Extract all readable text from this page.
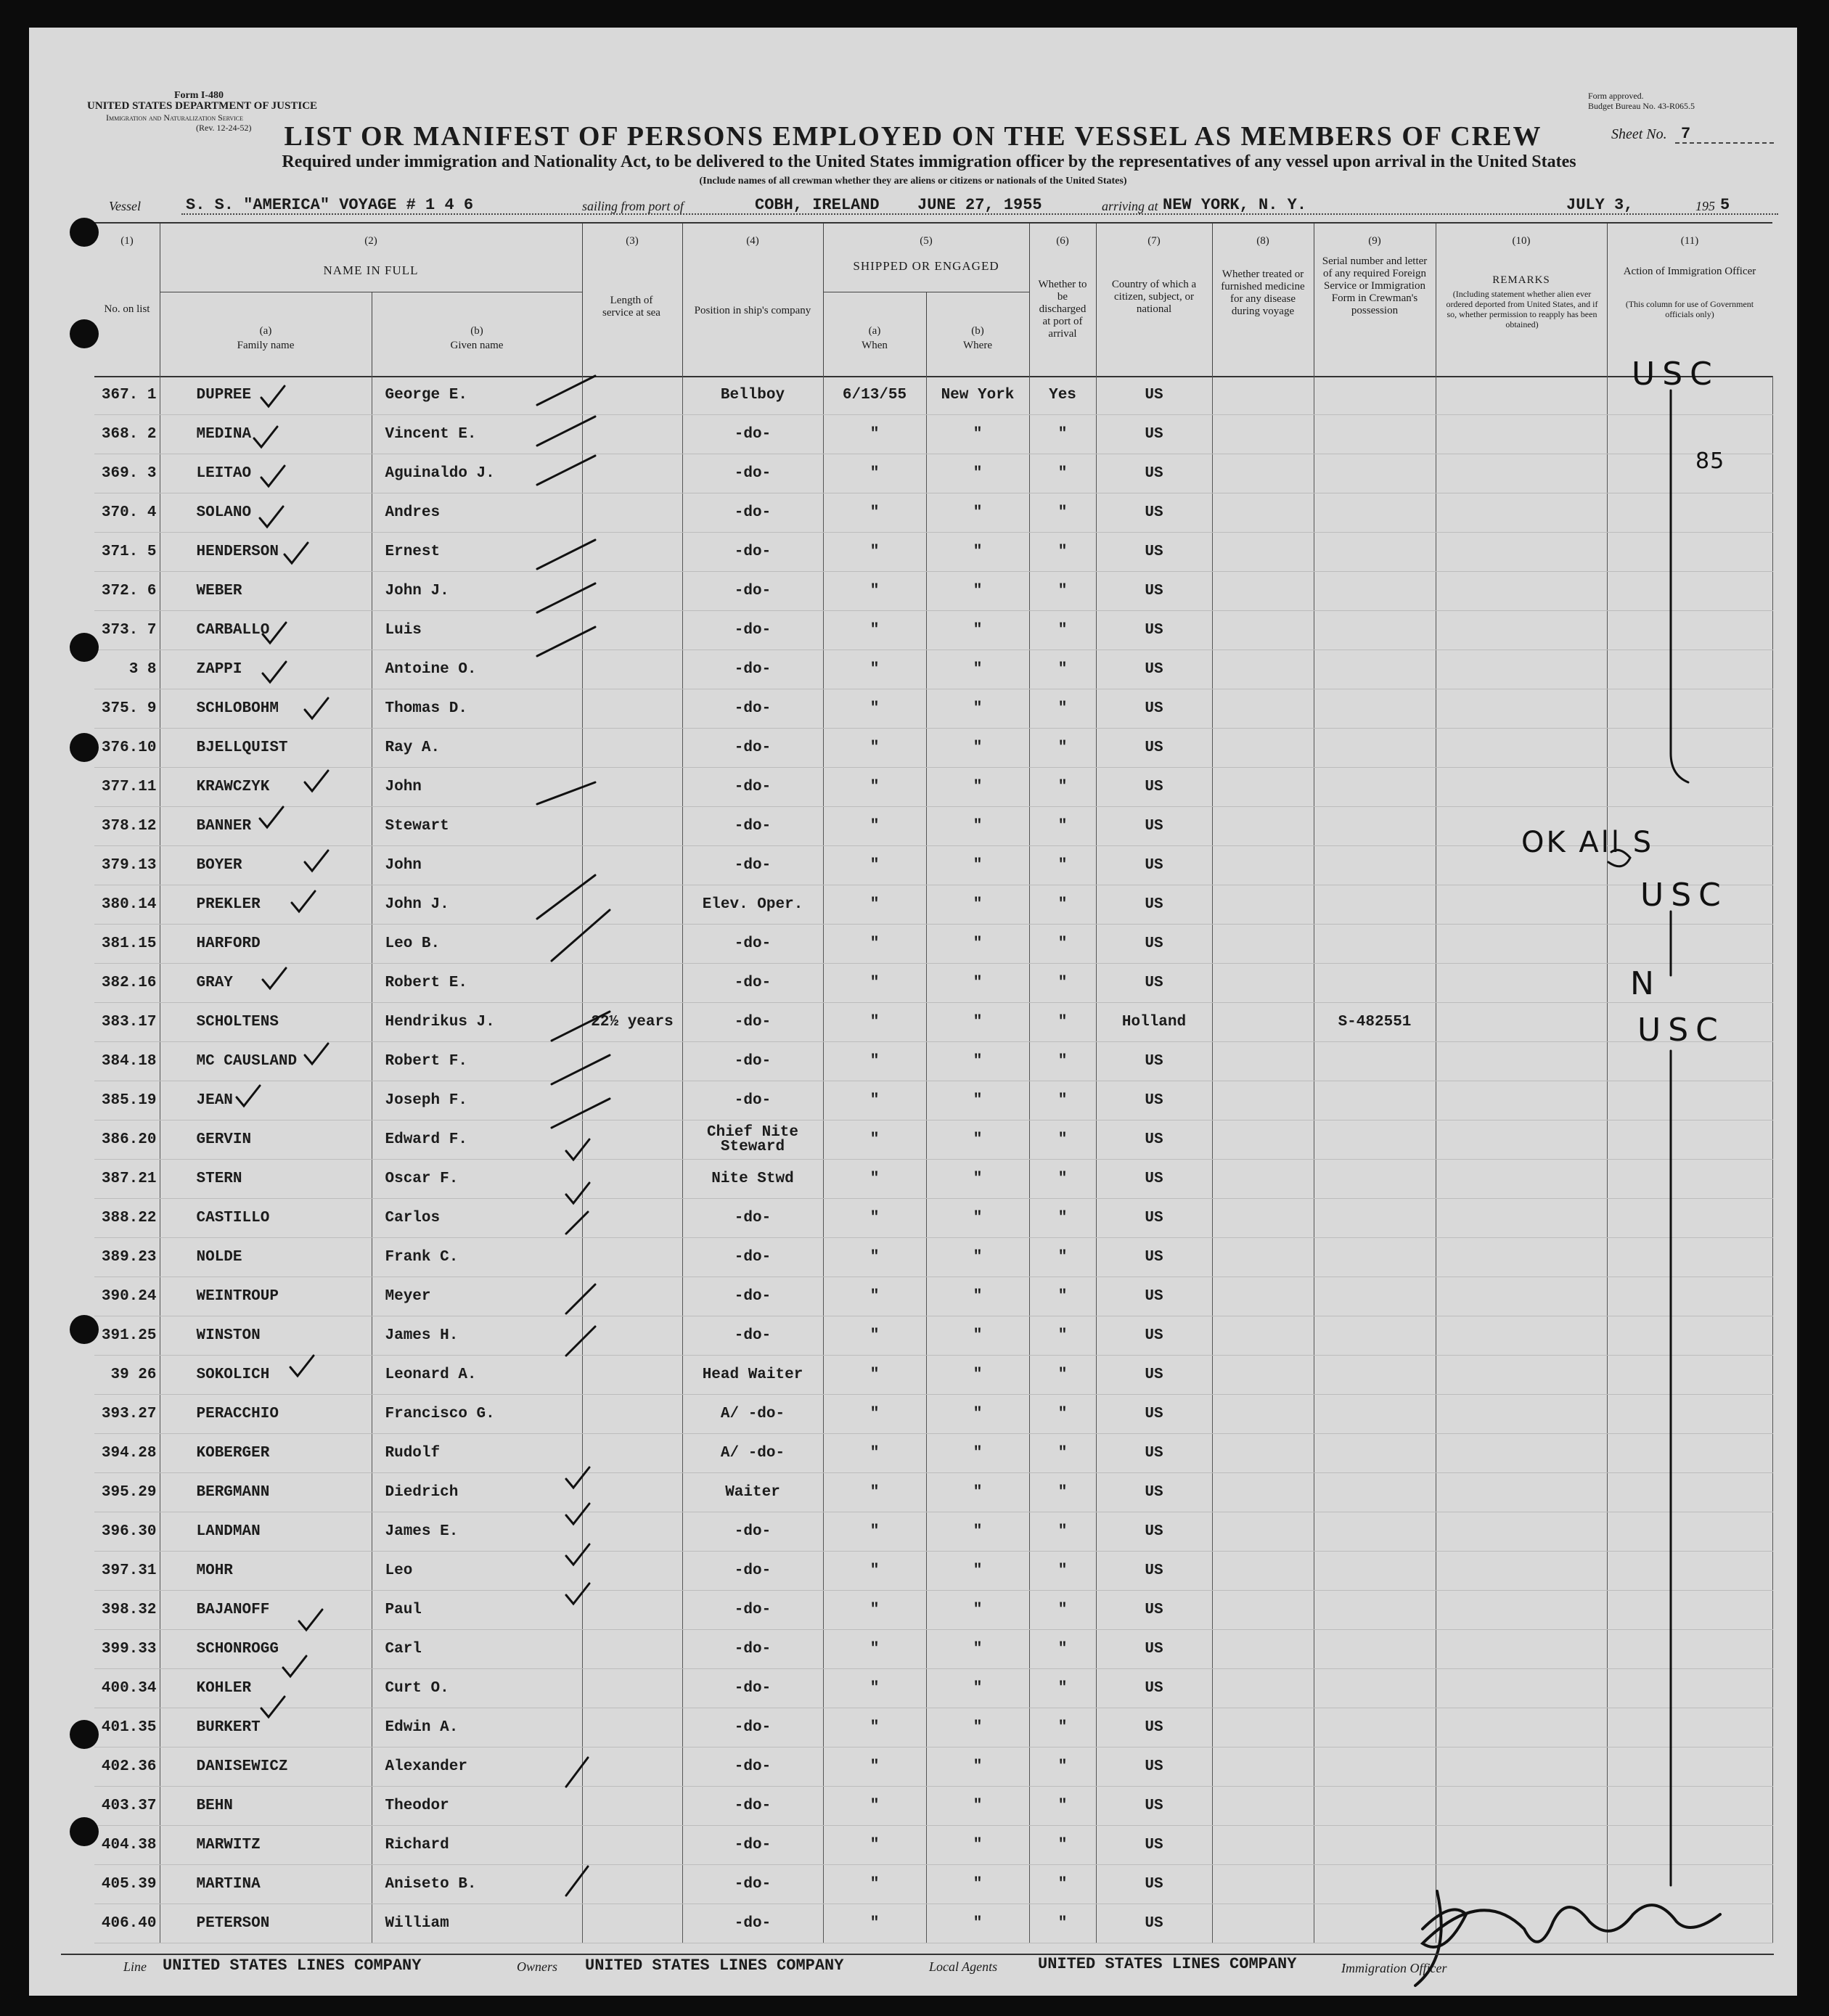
Form I-480
UNITED STATES DEPARTMENT OF JUSTICE
Immigration and Naturalization Service
(Rev. 12-24-52)
Form approved.
Budget Bureau No. 43-R065.5
Sheet No. 7
LIST OR MANIFEST OF PERSONS EMPLOYED ON THE VESSEL AS MEMBERS OF CREW
Required under immigration and Nationality Act, to be delivered to the United States immigration officer by the representatives of any vessel upon arrival in the United States
(Include names of all crewman whether they are aliens or citizens or nationals of the United States)
Vessel	S. S. "AMERICA" VOYAGE # 1 4 6	sailing from port of	COBH, IRELAND JUNE 27, 1955	arriving at NEW YORK, N. Y.	JULY 3,	195 5
(1)
No. on list
(2)
NAME IN FULL
(a)
Family name
(b)
Given name
(3)
Length of service at sea
(4)
Position in ship's company
(5)
SHIPPED OR ENGAGED
(a)
When
(b)
Where
(6)
Whether to be discharged at port of arrival
(7)
Country of which a citizen, subject, or national
(8)
Whether treated or furnished medicine for any disease during voyage
(9)
Serial number and letter of any required Foreign Service or Immigration Form in Crewman's possession
(10)
REMARKS
(Including statement whether alien ever ordered deported from United States, and if so, whether permission to reapply has been obtained)
(11)
Action of Immigration Officer
(This column for use of Government officials only)
367. 1	DUPREE	George E.		Bellboy	6/13/55	New York	Yes	US				
368. 2	MEDINA	Vincent E.		-do-	"	"	"	US				
369. 3	LEITAO	Aguinaldo J.		-do-	"	"	"	US				
370. 4	SOLANO	Andres		-do-	"	"	"	US				
371. 5	HENDERSON	Ernest		-do-	"	"	"	US				
372. 6	WEBER	John J.		-do-	"	"	"	US				
373. 7	CARBALLO	Luis		-do-	"	"	"	US				
3 8	ZAPPI	Antoine O.		-do-	"	"	"	US				
375. 9	SCHLOBOHM	Thomas D.		-do-	"	"	"	US				
376.10	BJELLQUIST	Ray A.		-do-	"	"	"	US				
377.11	KRAWCZYK	John		-do-	"	"	"	US				
378.12	BANNER	Stewart		-do-	"	"	"	US				
379.13	BOYER	John		-do-	"	"	"	US				
380.14	PREKLER	John J.		Elev. Oper.	"	"	"	US				
381.15	HARFORD	Leo B.		-do-	"	"	"	US				
382.16	GRAY	Robert E.		-do-	"	"	"	US				
383.17	SCHOLTENS	Hendrikus J.	22½ years	-do-	"	"	"	Holland		S-482551		
384.18	MC CAUSLAND	Robert F.		-do-	"	"	"	US				
385.19	JEAN	Joseph F.		-do-	"	"	"	US				
386.20	GERVIN	Edward F.		Chief Nite Steward	"	"	"	US				
387.21	STERN	Oscar F.		Nite Stwd	"	"	"	US				
388.22	CASTILLO	Carlos		-do-	"	"	"	US				
389.23	NOLDE	Frank C.		-do-	"	"	"	US				
390.24	WEINTROUP	Meyer		-do-	"	"	"	US				
391.25	WINSTON	James H.		-do-	"	"	"	US				
39 26	SOKOLICH	Leonard A.		Head Waiter	"	"	"	US				
393.27	PERACCHIO	Francisco G.		A/ -do-	"	"	"	US				
394.28	KOBERGER	Rudolf		A/ -do-	"	"	"	US				
395.29	BERGMANN	Diedrich		Waiter	"	"	"	US				
396.30	LANDMAN	James E.		-do-	"	"	"	US				
397.31	MOHR	Leo		-do-	"	"	"	US				
398.32	BAJANOFF	Paul		-do-	"	"	"	US				
399.33	SCHONROGG	Carl		-do-	"	"	"	US				
400.34	KOHLER	Curt O.		-do-	"	"	"	US				
401.35	BURKERT	Edwin A.		-do-	"	"	"	US				
402.36	DANISEWICZ	Alexander		-do-	"	"	"	US				
403.37	BEHN	Theodor		-do-	"	"	"	US				
404.38	MARWITZ	Richard		-do-	"	"	"	US				
405.39	MARTINA	Aniseto B.		-do-	"	"	"	US				
406.40	PETERSON	William		-do-	"	"	"	US				
USC
85
OK All S
USC
N
USC
Line UNITED STATES LINES COMPANY	Owners UNITED STATES LINES COMPANY	Local Agents	UNITED STATES LINES COMPANY	Immigration Officer
